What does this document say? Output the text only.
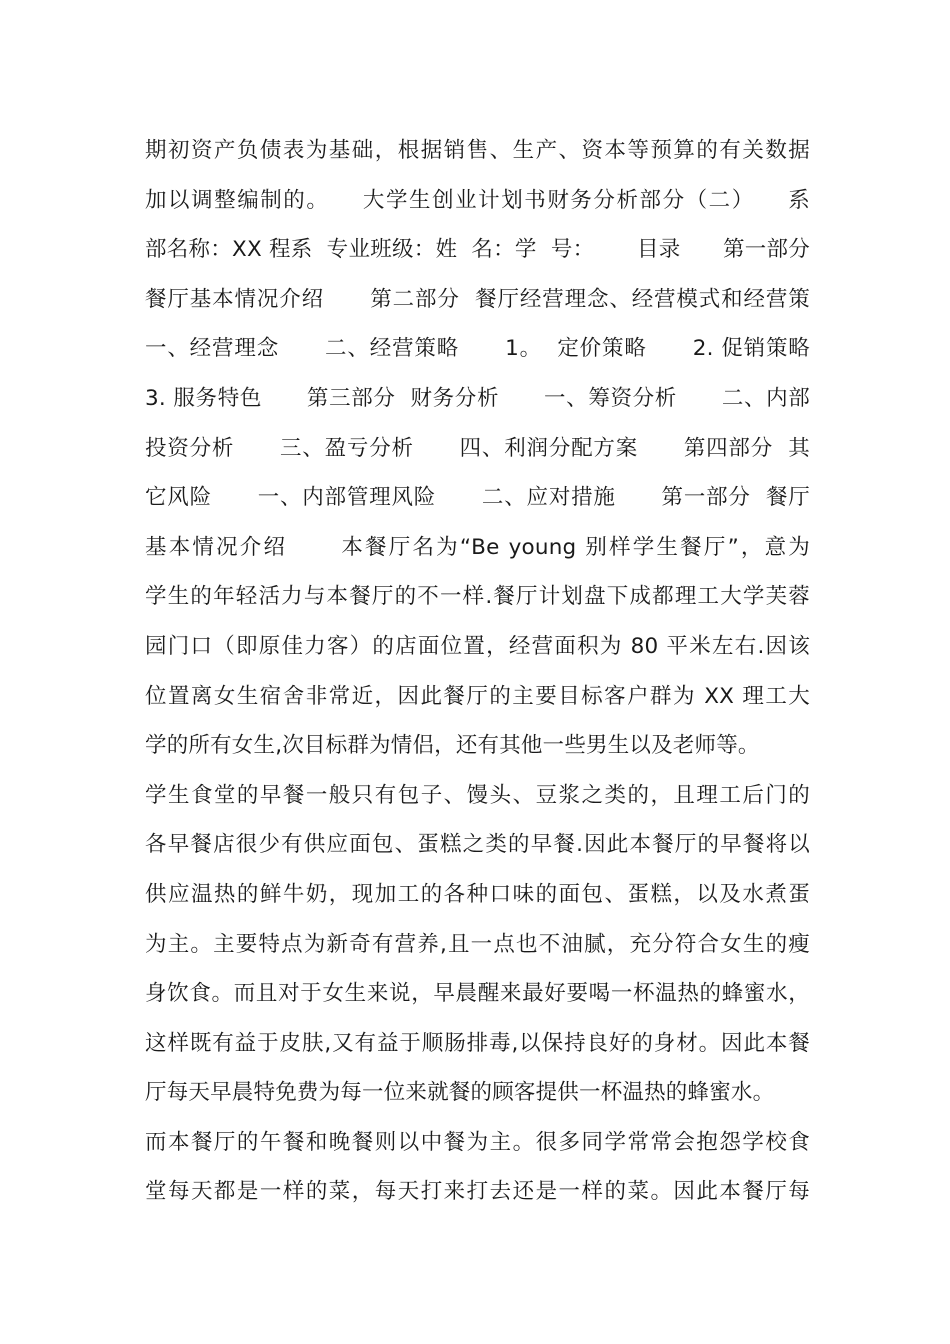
期初资产负债表为基础，根据销售、生产、资本等预算的有关数据
加以调整编制的。    大学生创业计划书财务分析部分（二）    系
部名称：XX 程系  专业班级：姓  名：学  号：      目录      第一部分
餐厅基本情况介绍      第二部分  餐厅经营理念、经营模式和经营策
一、经营理念      二、经营策略      1。  定价策略      2. 促销策略
3. 服务特色      第三部分  财务分析      一、筹资分析      二、内部
投资分析      三、盈亏分析      四、利润分配方案      第四部分  其
它风险      一、内部管理风险      二、应对措施      第一部分  餐厅
基本情况介绍      本餐厅名为“Be young 别样学生餐厅”，意为
学生的年轻活力与本餐厅的不一样.餐厅计划盘下成都理工大学芙蓉
园门口（即原佳力客）的店面位置，经营面积为 80 平米左右.因该
位置离女生宿舍非常近，因此餐厅的主要目标客户群为 XX 理工大
学的所有女生,次目标群为情侣，还有其他一些男生以及老师等。
学生食堂的早餐一般只有包子、馒头、豆浆之类的，且理工后门的
各早餐店很少有供应面包、蛋糕之类的早餐.因此本餐厅的早餐将以
供应温热的鲜牛奶，现加工的各种口味的面包、蛋糕，以及水煮蛋
为主。主要特点为新奇有营养,且一点也不油腻，充分符合女生的瘦
身饮食。而且对于女生来说，早晨醒来最好要喝一杯温热的蜂蜜水，
这样既有益于皮肤,又有益于顺肠排毒,以保持良好的身材。因此本餐
厅每天早晨特免费为每一位来就餐的顾客提供一杯温热的蜂蜜水。
而本餐厅的午餐和晚餐则以中餐为主。很多同学常常会抱怨学校食
堂每天都是一样的菜，每天打来打去还是一样的菜。因此本餐厅每
